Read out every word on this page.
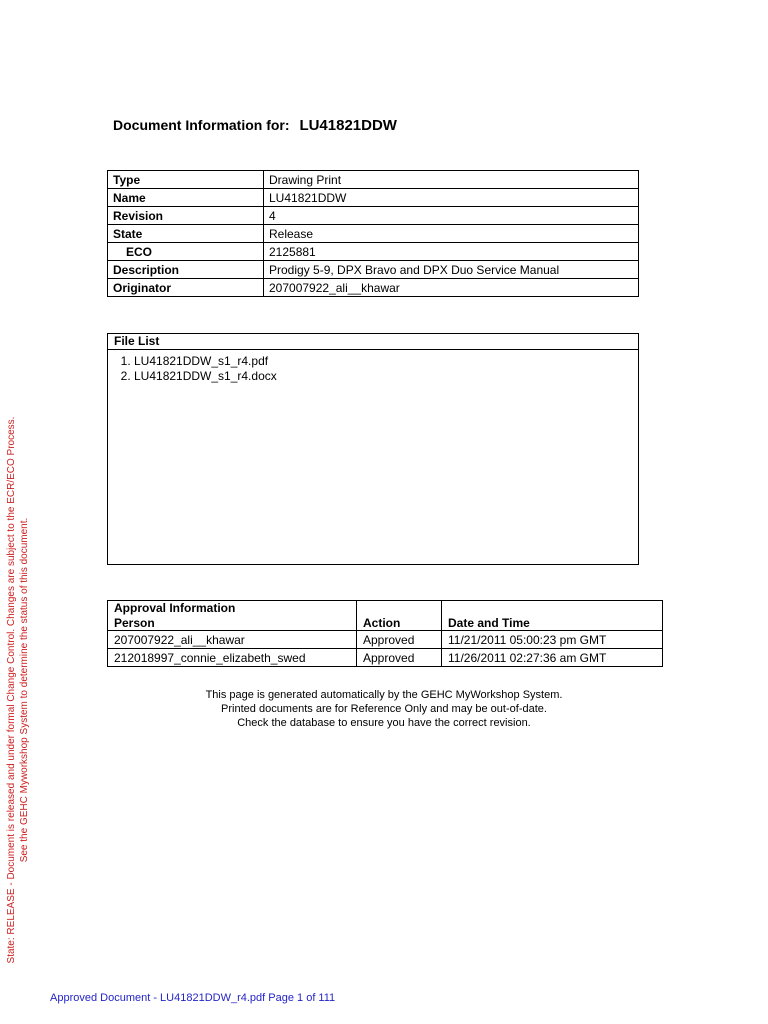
Document Information for: LU41821DDW
Type	Drawing Print
Name	LU41821DDW
Revision	4
State	Release
ECO	2125881
Description	Prodigy 5-9, DPX Bravo and DPX Duo Service Manual
Originator	207007922_ali__khawar
File List
1. LU41821DDW_s1_r4.pdf
2. LU41821DDW_s1_r4.docx
Approval Information		
Person	Action	Date and Time
207007922_ali__khawar	Approved	11/21/2011 05:00:23 pm GMT
212018997_connie_elizabeth_swed	Approved	11/26/2011 02:27:36 am GMT
This page is generated automatically by the GEHC MyWorkshop System.
Printed documents are for Reference Only and may be out-of-date.
Check the database to ensure you have the correct revision.
State: RELEASE - Document is released and under formal Change Control. Changes are subject to the ECR/ECO Process. See the GEHC Myworkshop System to determine the status of this document.
Approved Document - LU41821DDW_r4.pdf Page 1 of 111
